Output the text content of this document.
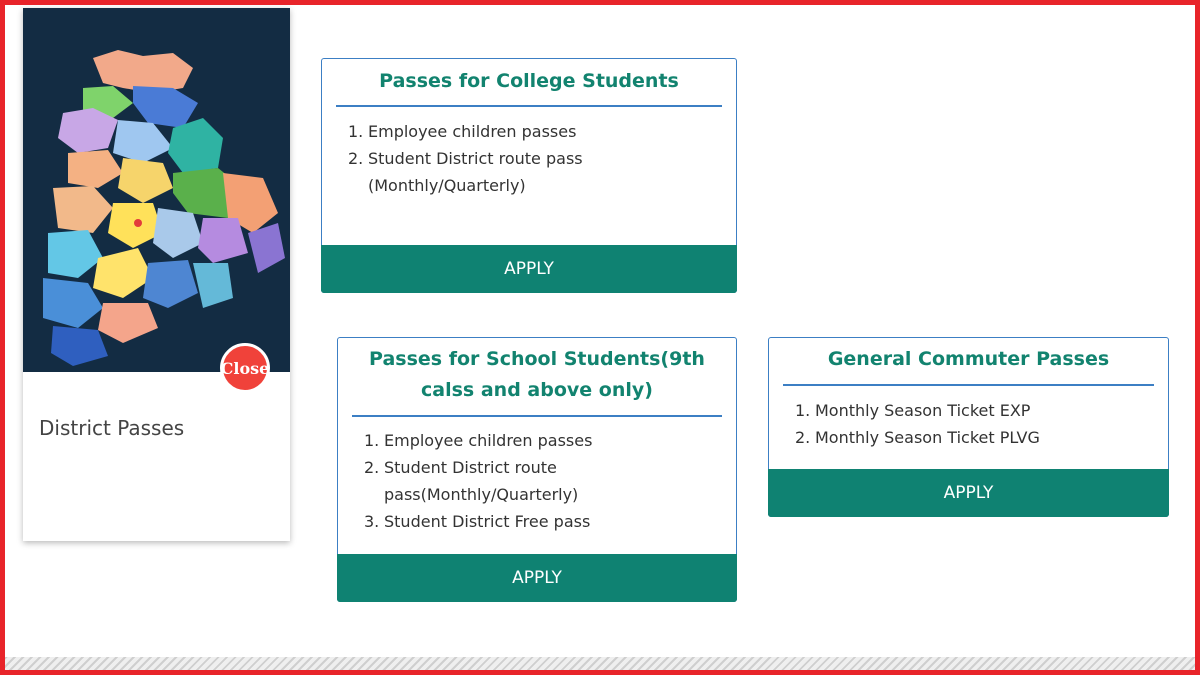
Close
District Passes
Passes for College Students
1. Employee children passes
2. Student District route pass (Monthly/Quarterly)
APPLY
Passes for School Students(9th calss and above only)
1. Employee children passes
2. Student District route pass(Monthly/Quarterly)
3. Student District Free pass
APPLY
General Commuter Passes
1. Monthly Season Ticket EXP
2. Monthly Season Ticket PLVG
APPLY
